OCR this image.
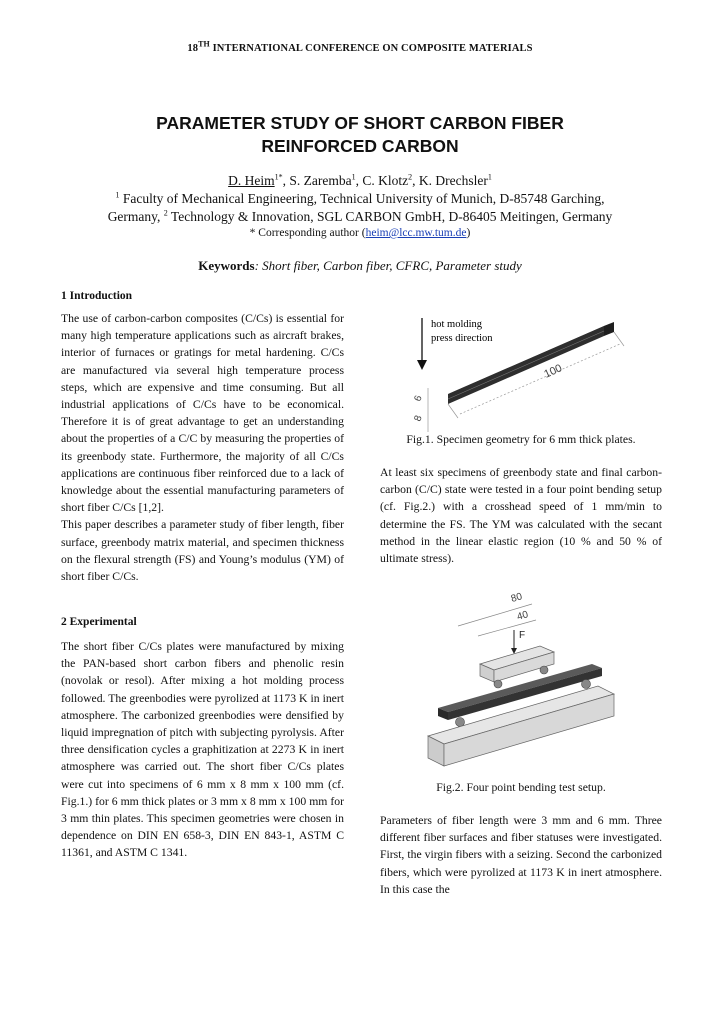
18TH INTERNATIONAL CONFERENCE ON COMPOSITE MATERIALS
PARAMETER STUDY OF SHORT CARBON FIBER
REINFORCED CARBON
D. Heim$^{1*}$, S. Zaremba$^1$, C. Klotz$^2$, K. Drechsler$^1$
$^1$ Faculty of Mechanical Engineering, Technical University of Munich, D-85748 Garching,
Germany, $^2$ Technology & Innovation, SGL CARBON GmbH, D-86405 Meitingen, Germany
* Corresponding author (heim@lcc.mw.tum.de)
Keywords: Short fiber, Carbon fiber, CFRC, Parameter study
1 Introduction

The use of carbon-carbon composites (C/Cs) is essential for many high temperature applications such as aircraft brakes, interior of furnaces or gratings for metal hardening. C/Cs are manufactured via several high temperature process steps, which are expensive and time consuming. But all industrial applications of C/Cs have to be economical. Therefore it is of great advantage to get an understanding about the properties of a C/C by measuring the properties of its greenbody state. Furthermore, the majority of all C/Cs applications are continuous fiber reinforced due to a lack of knowledge about the essential manufacturing parameters of short fiber C/Cs [1,2].

This paper describes a parameter study of fiber length, fiber surface, greenbody matrix material, and specimen thickness on the flexural strength (FS) and Young’s modulus (YM) of short fiber C/Cs.

2 Experimental

The short fiber C/Cs plates were manufactured by mixing the PAN-based short carbon fibers and phenolic resin (novolak or resol). After mixing a hot molding process followed. The greenbodies were pyrolized at 1173 K in inert atmosphere. The carbonized greenbodies were densified by liquid impregnation of pitch with subjecting pyrolysis. After three densification cycles a graphitization at 2273 K in inert atmosphere was carried out. The short fiber C/Cs plates were cut into specimens of 6 mm x 8 mm x 100 mm (cf. Fig.1.) for 6 mm thick plates or 3 mm x 8 mm x 100 mm for 3 mm thin plates. This specimen geometries were chosen in dependence on DIN EN 658-3, DIN EN 843-1, ASTM C 11361, and ASTM C 1341.

hot molding
press direction
100
6
8
Fig.1. Specimen geometry for 6 mm thick plates.
At least six specimens of greenbody state and final carbon-carbon (C/C) state were tested in a four point bending setup (cf. Fig.2.) with a crosshead speed of 1 mm/min to determine the FS. The YM was calculated with the secant method in the linear elastic region (10 % and 50 % of ultimate stress).
80
40
F
Fig.2. Four point bending test setup.
Parameters of fiber length were 3 mm and 6 mm. Three different fiber surfaces and fiber statuses were investigated. First, the virgin fibers with a seizing. Second the carbonized fibers, which were pyrolized at 1173 K in inert atmosphere. In this case the
